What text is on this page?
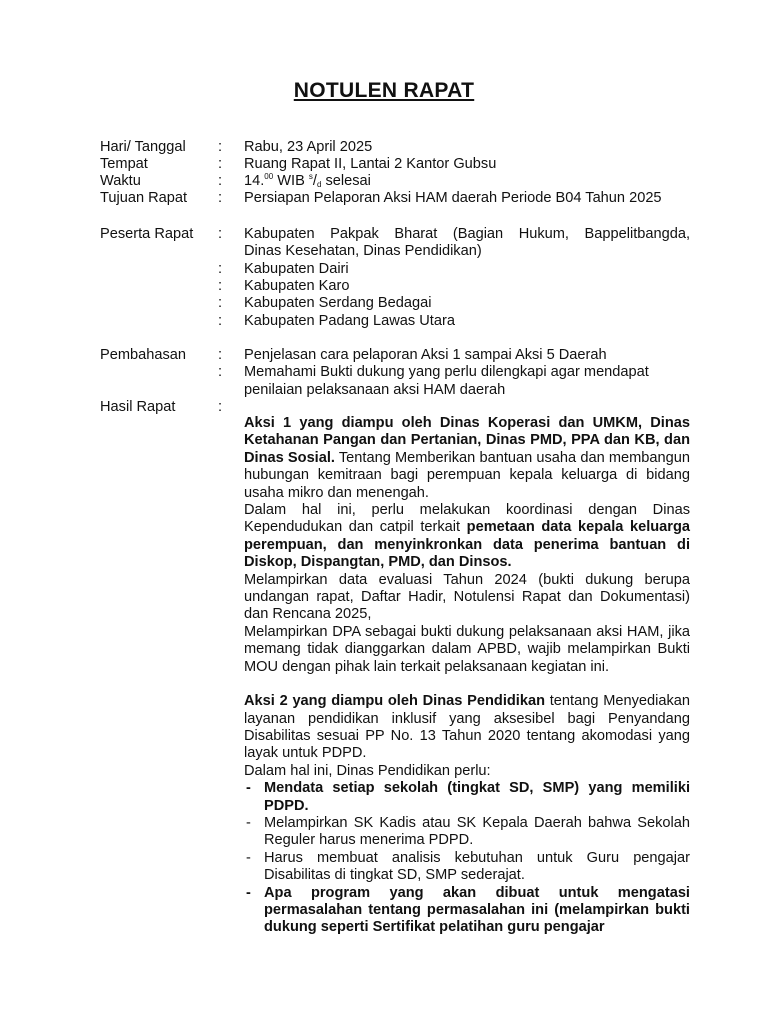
NOTULEN RAPAT
Hari/ Tanggal : Rabu, 23 April 2025
Tempat	: Ruang Rapat II, Lantai 2 Kantor Gubsu
Waktu	: 14.00 WIB $^s/_d$ selesai
Tujuan Rapat : Persiapan Pelaporan Aksi HAM daerah Periode B04 Tahun 2025
Peserta Rapat : Kabupaten Pakpak Bharat (Bagian Hukum, Bappelitbangda,
Dinas Kesehatan, Dinas Pendidikan)
: Kabupaten Dairi
: Kabupaten Karo
: Kabupaten Serdang Bedagai
: Kabupaten Padang Lawas Utara
Pembahasan : Penjelasan cara pelaporan Aksi 1 sampai Aksi 5 Daerah
: Memahami Bukti dukung yang perlu dilengkapi agar mendapat
penilaian pelaksanaan aksi HAM daerah
Hasil Rapat	:

Aksi 1 yang diampu oleh Dinas Koperasi dan UMKM, Dinas Ketahanan Pangan dan Pertanian, Dinas PMD, PPA dan KB, dan Dinas Sosial. Tentang Memberikan bantuan usaha dan membangun hubungan kemitraan bagi perempuan kepala keluarga di bidang usaha mikro dan menengah.

Dalam hal ini, perlu melakukan koordinasi dengan Dinas Kependudukan dan catpil terkait pemetaan data kepala keluarga perempuan, dan menyinkronkan data penerima bantuan di Diskop, Dispangtan, PMD, dan Dinsos.

Melampirkan data evaluasi Tahun 2024 (bukti dukung berupa undangan rapat, Daftar Hadir, Notulensi Rapat dan Dokumentasi) dan Rencana 2025,

Melampirkan DPA sebagai bukti dukung pelaksanaan aksi HAM, jika memang tidak dianggarkan dalam APBD, wajib melampirkan Bukti MOU dengan pihak lain terkait pelaksanaan kegiatan ini.

Aksi 2 yang diampu oleh Dinas Pendidikan tentang Menyediakan layanan pendidikan inklusif yang aksesibel bagi Penyandang Disabilitas sesuai PP No. 13 Tahun 2020 tentang akomodasi yang layak untuk PDPD.

Dalam hal ini, Dinas Pendidikan perlu:

- Mendata setiap sekolah (tingkat SD, SMP) yang memiliki PDPD.
- Melampirkan SK Kadis atau SK Kepala Daerah bahwa Sekolah Reguler harus menerima PDPD.
- Harus membuat analisis kebutuhan untuk Guru pengajar Disabilitas di tingkat SD, SMP sederajat.
- Apa program yang akan dibuat untuk mengatasi permasalahan tentang permasalahan ini (melampirkan bukti dukung seperti Sertifikat pelatihan guru pengajar
